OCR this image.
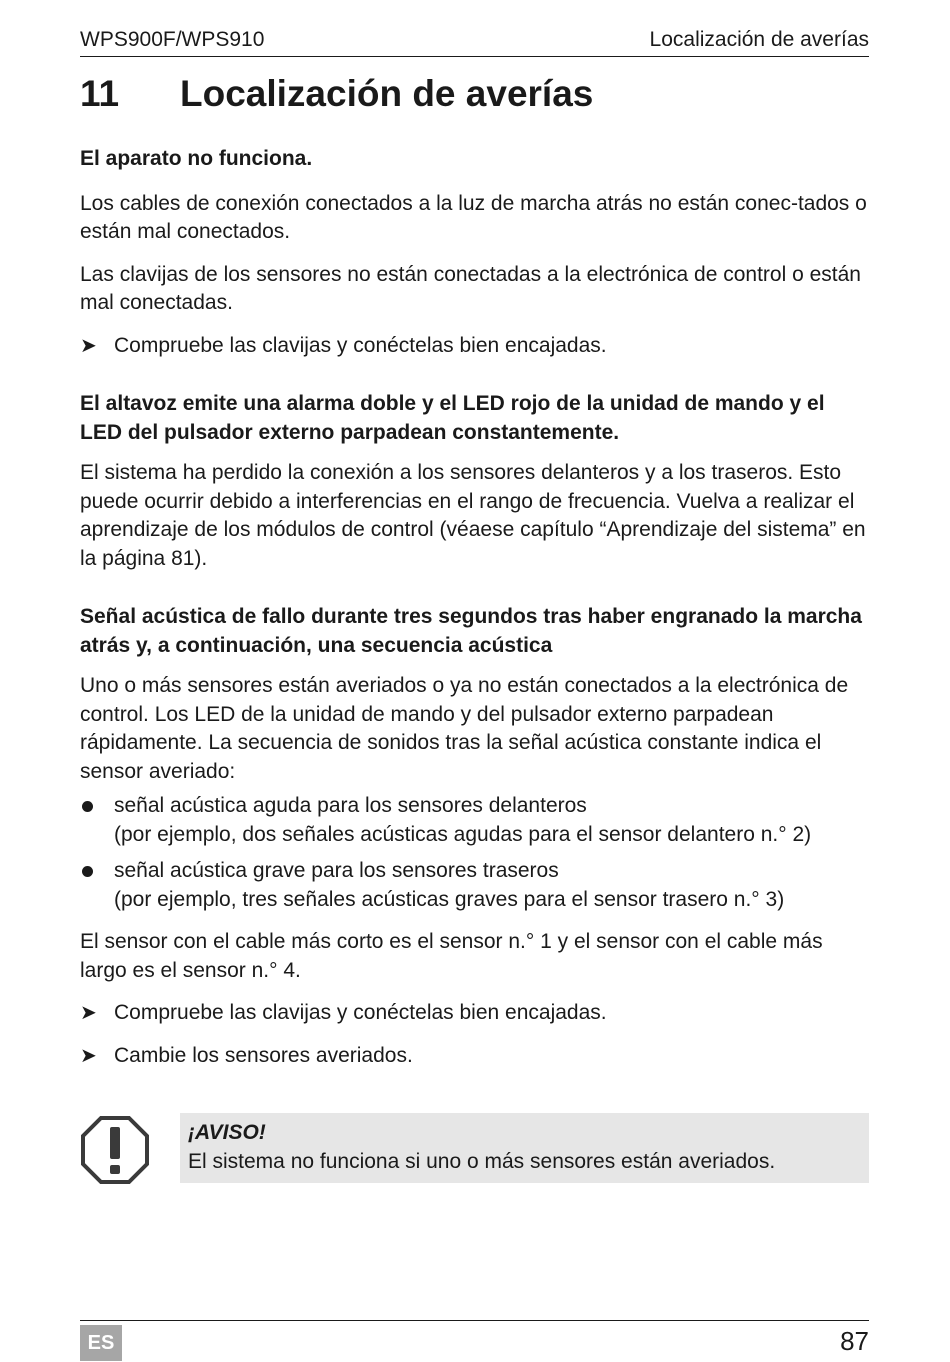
WPS900F/WPS910	Localización de averías
11 Localización de averías

El aparato no funciona.

Los cables de conexión conectados a la luz de marcha atrás no están conec-tados o están mal conectados.

Las clavijas de los sensores no están conectadas a la electrónica de control o están mal conectadas.

➤ Compruebe las clavijas y conéctelas bien encajadas.

El altavoz emite una alarma doble y el LED rojo de la unidad de mando y el LED del pulsador externo parpadean constantemente.

El sistema ha perdido la conexión a los sensores delanteros y a los traseros. Esto puede ocurrir debido a interferencias en el rango de frecuencia. Vuelva a realizar el aprendizaje de los módulos de control (véaese capítulo “Aprendizaje del sistema” en la página 81).

Señal acústica de fallo durante tres segundos tras haber engranado la marcha atrás y, a continuación, una secuencia acústica

Uno o más sensores están averiados o ya no están conectados a la electrónica de control. Los LED de la unidad de mando y del pulsador externo parpadean rápidamente. La secuencia de sonidos tras la señal acústica constante indica el sensor averiado:

señal acústica aguda para los sensores delanteros
(por ejemplo, dos señales acústicas agudas para el sensor delantero n.° 2)
señal acústica grave para los sensores traseros
(por ejemplo, tres señales acústicas graves para el sensor trasero n.° 3)

El sensor con el cable más corto es el sensor n.° 1 y el sensor con el cable más largo es el sensor n.° 4.

➤ Compruebe las clavijas y conéctelas bien encajadas.
➤ Cambie los sensores averiados.
¡AVISO!
El sistema no funciona si uno o más sensores están averiados.
ES	87
